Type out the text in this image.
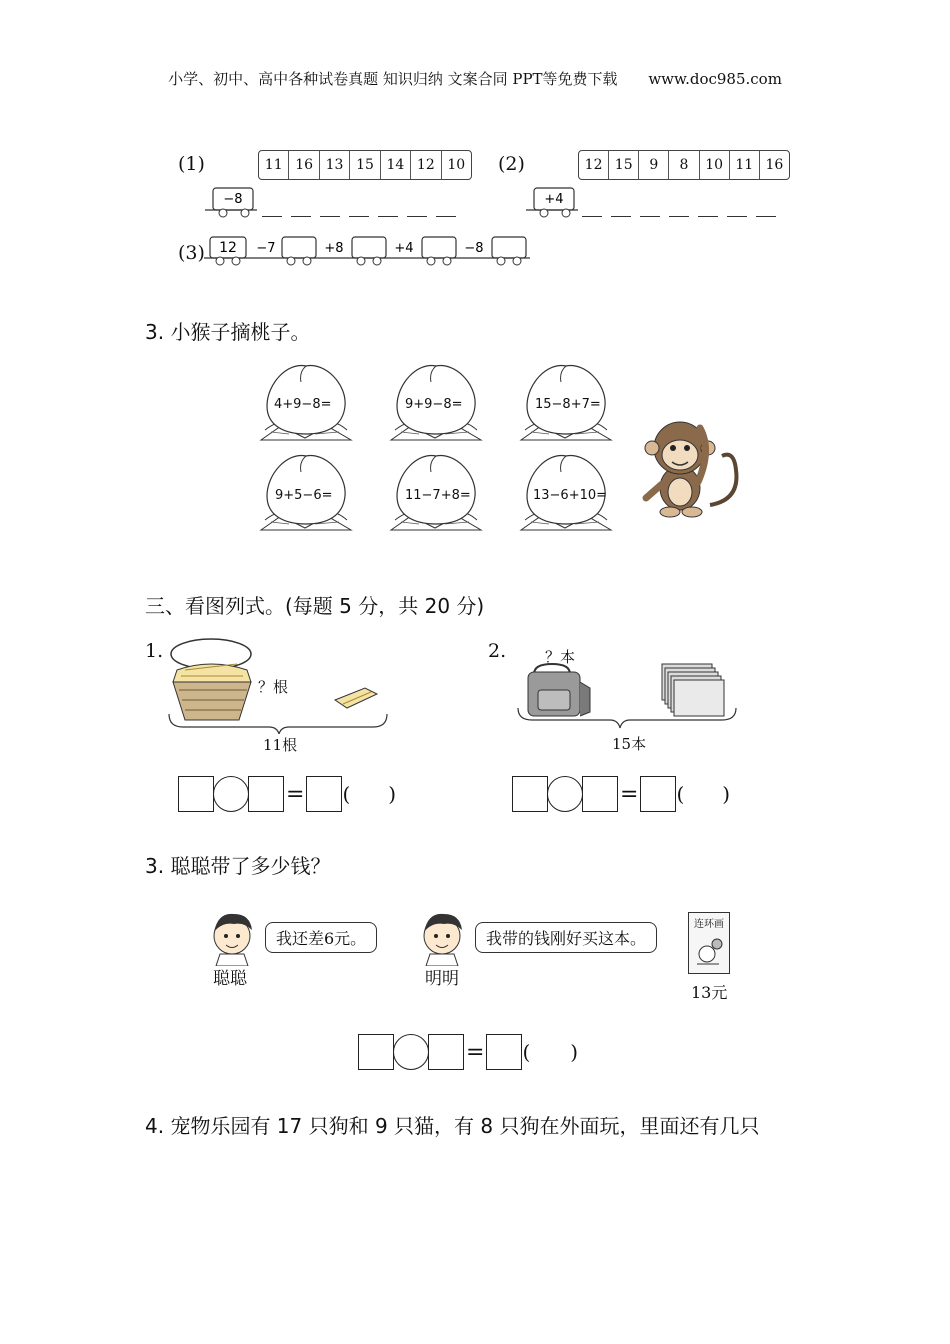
小学、初中、高中各种试卷真题 知识归纳 文案合同 PPT等免费下载 www.doc985.com
(1)	11 16 13 15 14 12 10
−8
(2)	12 15	9	8	10 11 16
+4
(3) 12 −7	+8	+4	−8
3. 小猴子摘桃子。
4+9−8=	9+9−8=	15−8+7=
9+5−6=	11−7+8=	13−6+10=
三、看图列式。(每题 5 分，共 20 分)
1.
？根
11根
= ( )
2.	？本
15本
= ( )
3. 聪聪带了多少钱？
我还差6元。
聪聪
我带的钱刚好买这本。
明明
连环画
13元
= ( )
4. 宠物乐园有 17 只狗和 9 只猫，有 8 只狗在外面玩，里面还有几只
